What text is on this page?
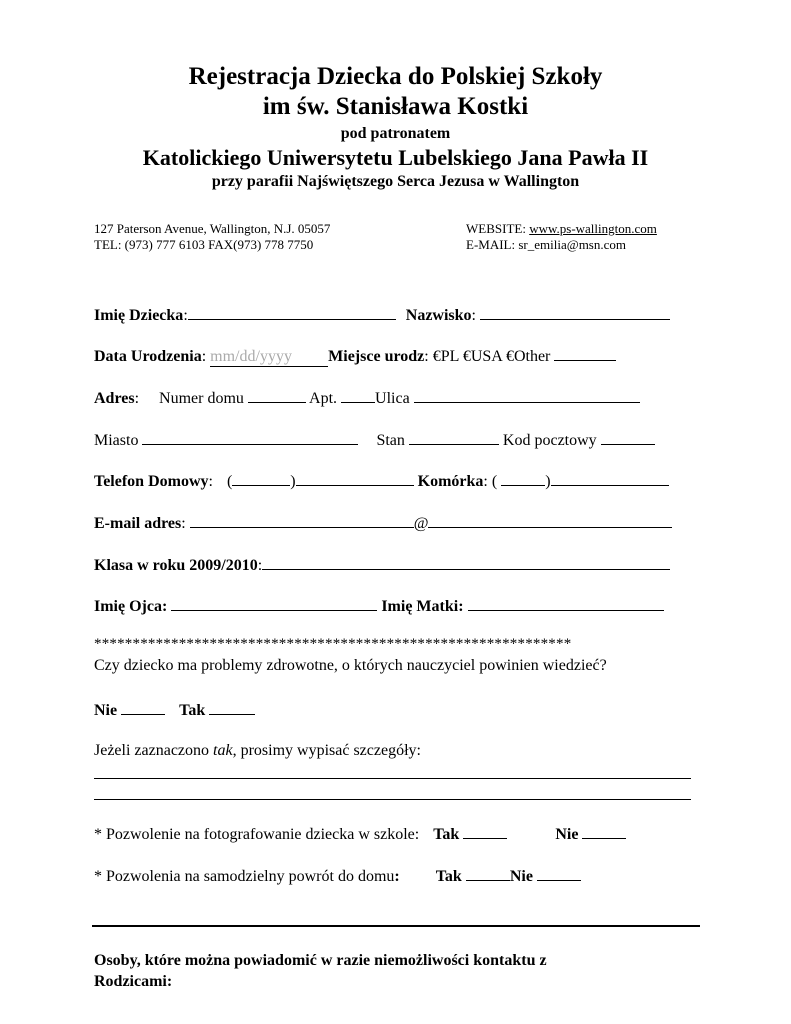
Rejestracja Dziecka do Polskiej Szkoły
im św. Stanisława Kostki
pod patronatem
Katolickiego Uniwersytetu Lubelskiego Jana Pawła II
przy parafii Najświętszego Serca Jezusa w Wallington
127 Paterson Avenue, Wallington, N.J. 05057
TEL: (973) 777 6103 FAX(973) 778 7750
WEBSITE: www.ps-wallington.com
E-MAIL: sr_emilia@msn.com
Imię Dziecka:	Nazwisko:
Data Urodzenia: mm/dd/yyyy	Miejsce urodz: €PL €USA €Other
Adres: Numer domu	Apt. Ulica
Miasto	Stan	Kod pocztowy
Telefon Domowy: (	)	Komórka: (	)
E-mail adres:	@
Klasa w roku 2009/2010:
Imię Ojca:	Imię Matki:
**************************************************************
Czy dziecko ma problemy zdrowotne, o których nauczyciel powinien wiedzieć?
Nie	Tak
Jeżeli zaznaczono tak, prosimy wypisać szczegóły:
* Pozwolenie na fotografowanie dziecka w szkole: Tak	Nie
* Pozwolenia na samodzielny powrót do domu: Tak	Nie
Osoby, które można powiadomić w razie niemożliwości kontaktu z
Rodzicami:
